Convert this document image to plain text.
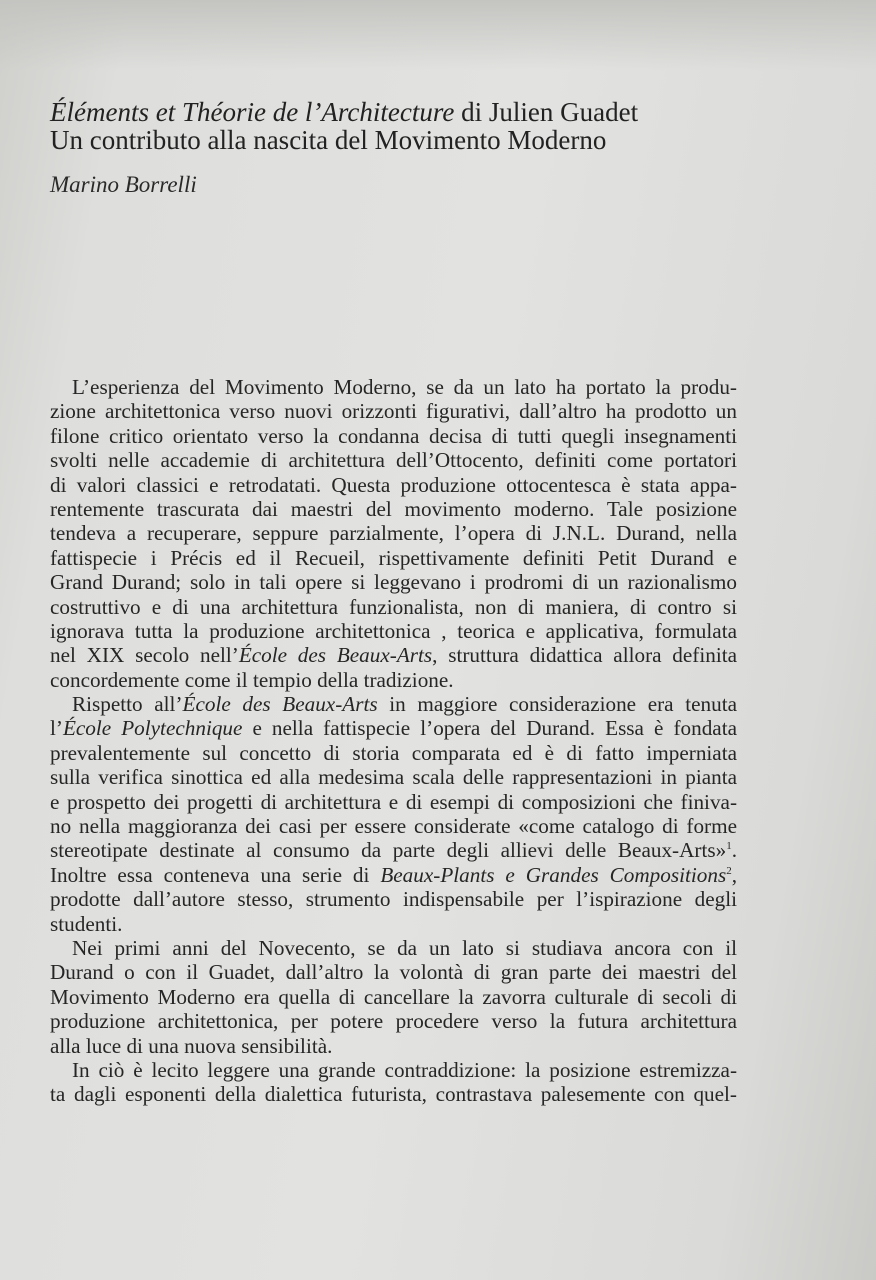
Éléments et Théorie de l’Architecture di Julien Guadet
Un contributo alla nascita del Movimento Moderno
Marino Borrelli
L’esperienza del Movimento Moderno, se da un lato ha portato la produ-
zione architettonica verso nuovi orizzonti figurativi, dall’altro ha prodotto un
filone critico orientato verso la condanna decisa di tutti quegli insegnamenti
svolti nelle accademie di architettura dell’Ottocento, definiti come portatori
di valori classici e retrodatati. Questa produzione ottocentesca è stata appa-
rentemente trascurata dai maestri del movimento moderno. Tale posizione
tendeva a recuperare, seppure parzialmente, l’opera di J.N.L. Durand, nella
fattispecie i Précis ed il Recueil, rispettivamente definiti Petit Durand e
Grand Durand; solo in tali opere si leggevano i prodromi di un razionalismo
costruttivo e di una architettura funzionalista, non di maniera, di contro si
ignorava tutta la produzione architettonica , teorica e applicativa, formulata
nel XIX secolo nell’École des Beaux-Arts, struttura didattica allora definita
concordemente come il tempio della tradizione.
Rispetto all’École des Beaux-Arts in maggiore considerazione era tenuta
l’École Polytechnique e nella fattispecie l’opera del Durand. Essa è fondata
prevalentemente sul concetto di storia comparata ed è di fatto imperniata
sulla verifica sinottica ed alla medesima scala delle rappresentazioni in pianta
e prospetto dei progetti di architettura e di esempi di composizioni che finiva-
no nella maggioranza dei casi per essere considerate «come catalogo di forme
stereotipate destinate al consumo da parte degli allievi delle Beaux-Arts»$^1$.
Inoltre essa conteneva una serie di Beaux-Plants e Grandes Compositions$^2$,
prodotte dall’autore stesso, strumento indispensabile per l’ispirazione degli
studenti.
Nei primi anni del Novecento, se da un lato si studiava ancora con il
Durand o con il Guadet, dall’altro la volontà di gran parte dei maestri del
Movimento Moderno era quella di cancellare la zavorra culturale di secoli di
produzione architettonica, per potere procedere verso la futura architettura
alla luce di una nuova sensibilità.
In ciò è lecito leggere una grande contraddizione: la posizione estremizza-
ta dagli esponenti della dialettica futurista, contrastava palesemente con quel-
